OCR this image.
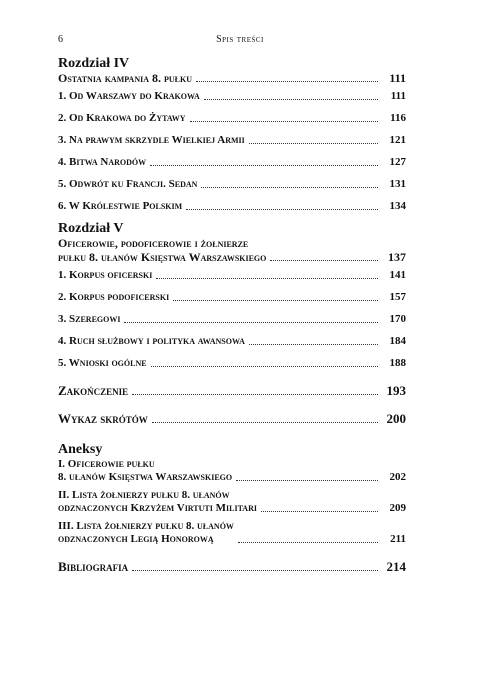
6	Spis treści
Rozdział IV
Ostatnia kampania 8. pułku	111
1. Od Warszawy do Krakowa	111
2. Od Krakowa do Żytawy	116
3. Na prawym skrzydle Wielkiej Armii	121
4. Bitwa Narodów	127
5. Odwrót ku Francji. Sedan	131
6. W Królestwie Polskim	134
Rozdział V
Oficerowie, podoficerowie i żołnierze
pułku 8. ułanów Księstwa Warszawskiego	137
1. Korpus oficerski	141
2. Korpus podoficerski	157
3. Szeregowi	170
4. Ruch służbowy i polityka awansowa	184
5. Wnioski ogólne	188
Zakończenie	193
Wykaz skrótów	200
Aneksy
I. Oficerowie pułku
8. ułanów Księstwa Warszawskiego	202
II. Lista żołnierzy pułku 8. ułanów
odznaczonych Krzyżem Virtuti Militari	209
III. Lista żołnierzy pułku 8. ułanów
odznaczonych Legią Honorową	211
Bibliografia	214
